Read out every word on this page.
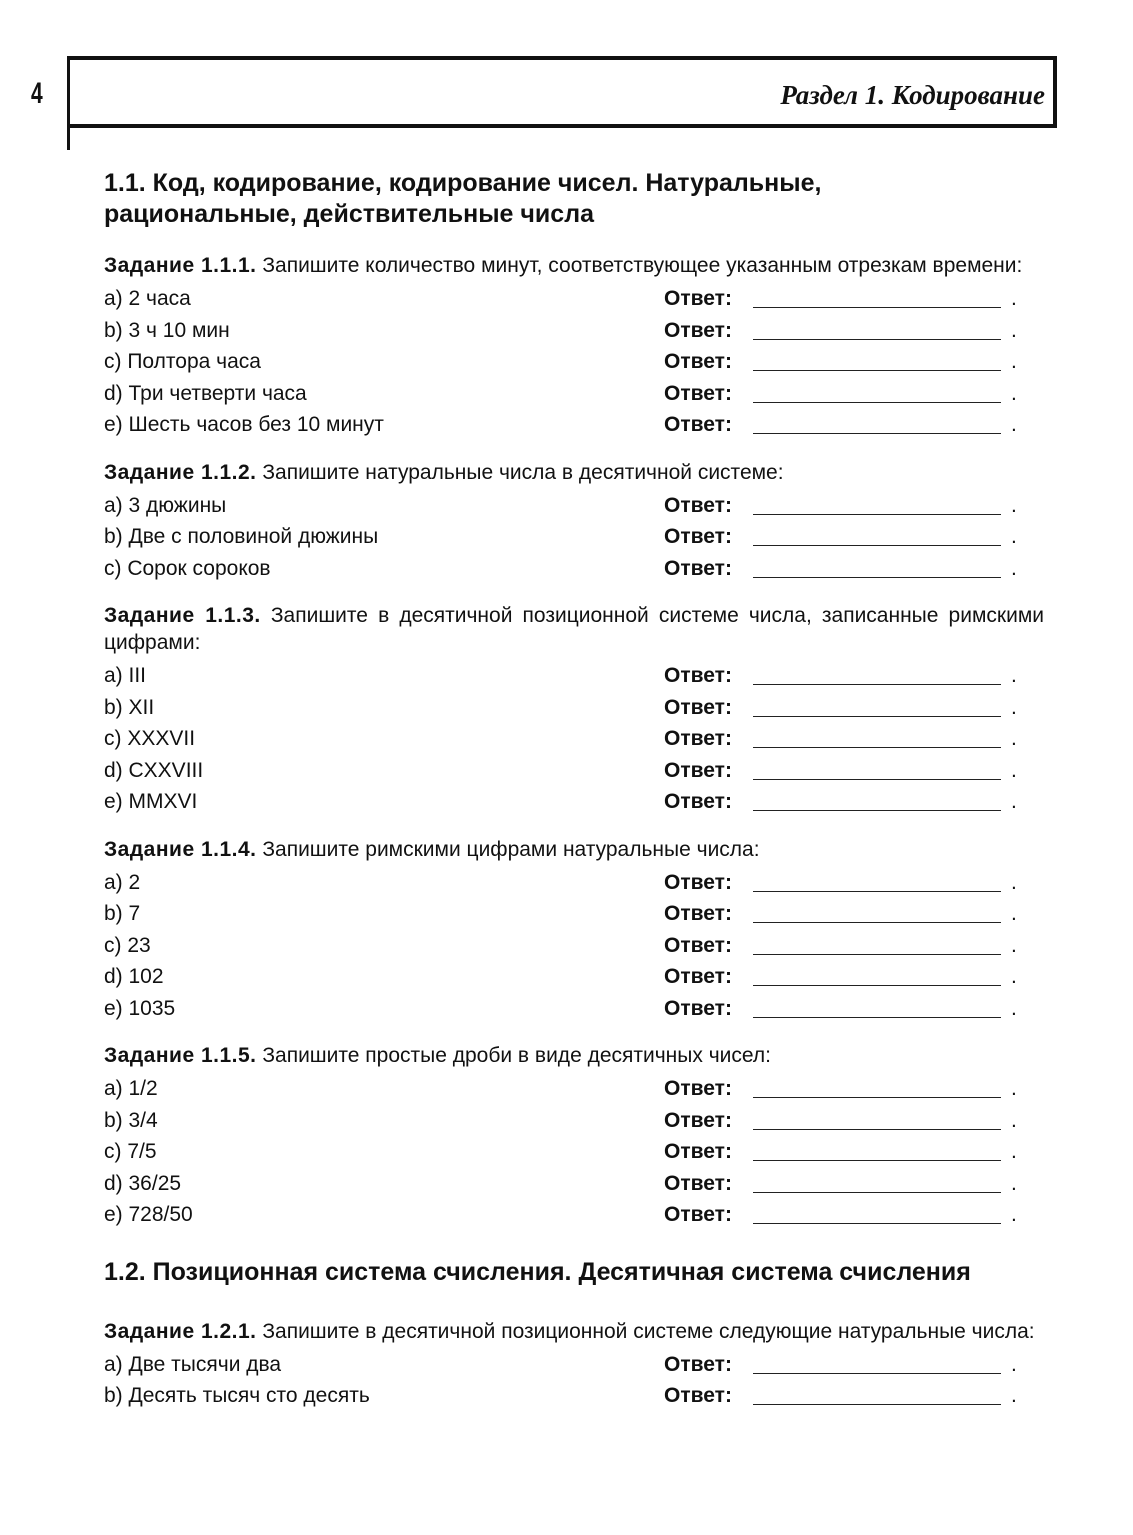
4	Раздел 1. Кодирование
1.1. Код, кодирование, кодирование чисел. Натуральные, рациональные, действительные числа

Задание 1.1.1. Запишите количество минут, соответствующее указанным отрезкам времени:

a) 2 часа	Ответ:	.
b) 3 ч 10 мин	Ответ:	.
c) Полтора часа	Ответ:	.
d) Три четверти часа	Ответ:	.
e) Шесть часов без 10 минут	Ответ:	.

Задание 1.1.2. Запишите натуральные числа в десятичной системе:

a) 3 дюжины	Ответ:	.
b) Две с половиной дюжины	Ответ:	.
c) Сорок сороков	Ответ:	.

Задание 1.1.3. Запишите в десятичной позиционной системе числа, записанные римскими цифрами:

a) III	Ответ:	.
b) XII	Ответ:	.
c) XXXVII	Ответ:	.
d) CXXVIII	Ответ:	.
e) MMXVI	Ответ:	.

Задание 1.1.4. Запишите римскими цифрами натуральные числа:

a) 2	Ответ:	.
b) 7	Ответ:	.
c) 23	Ответ:	.
d) 102	Ответ:	.
e) 1035	Ответ:	.

Задание 1.1.5. Запишите простые дроби в виде десятичных чисел:

a) 1/2	Ответ:	.
b) 3/4	Ответ:	.
c) 7/5	Ответ:	.
d) 36/25	Ответ:	.
e) 728/50	Ответ:	.
1.2. Позиционная система счисления. Десятичная система счисления

Задание 1.2.1. Запишите в десятичной позиционной системе следующие натуральные числа:

a) Две тысячи два	Ответ:	.
b) Десять тысяч сто десять	Ответ:	.
